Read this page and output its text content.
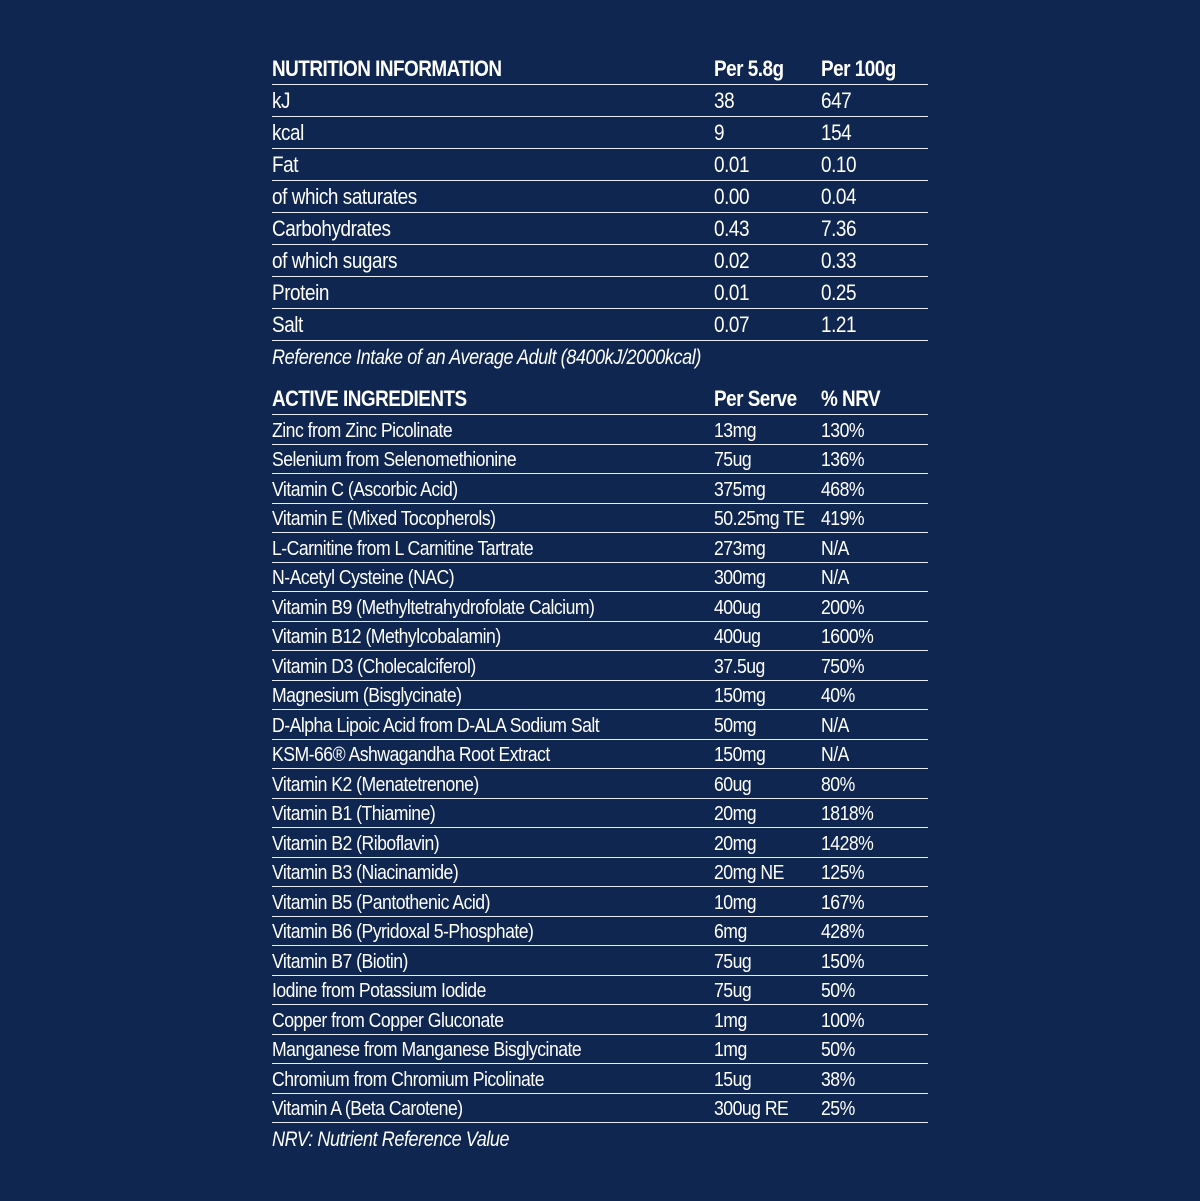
NUTRITION INFORMATION	Per 5.8g	Per 100g
kJ	38	647
kcal	9	154
Fat	0.01	0.10
of which saturates	0.00	0.04
Carbohydrates	0.43	7.36
of which sugars	0.02	0.33
Protein	0.01	0.25
Salt	0.07	1.21
Reference Intake of an Average Adult (8400kJ/2000kcal)
ACTIVE INGREDIENTS	Per Serve	% NRV
Zinc from Zinc Picolinate	13mg	130%
Selenium from Selenomethionine	75ug	136%
Vitamin C (Ascorbic Acid)	375mg	468%
Vitamin E (Mixed Tocopherols)	50.25mg TE 419%
L-Carnitine from L Carnitine Tartrate	273mg	N/A
N-Acetyl Cysteine (NAC)	300mg	N/A
Vitamin B9 (Methyltetrahydrofolate Calcium)	400ug	200%
Vitamin B12 (Methylcobalamin)	400ug	1600%
Vitamin D3 (Cholecalciferol)	37.5ug	750%
Magnesium (Bisglycinate)	150mg	40%
D-Alpha Lipoic Acid from D-ALA Sodium Salt	50mg	N/A
KSM-66® Ashwagandha Root Extract	150mg	N/A
Vitamin K2 (Menatetrenone)	60ug	80%
Vitamin B1 (Thiamine)	20mg	1818%
Vitamin B2 (Riboflavin)	20mg	1428%
Vitamin B3 (Niacinamide)	20mg NE	125%
Vitamin B5 (Pantothenic Acid)	10mg	167%
Vitamin B6 (Pyridoxal 5-Phosphate)	6mg	428%
Vitamin B7 (Biotin)	75ug	150%
Iodine from Potassium Iodide	75ug	50%
Copper from Copper Gluconate	1mg	100%
Manganese from Manganese Bisglycinate	1mg	50%
Chromium from Chromium Picolinate	15ug	38%
Vitamin A (Beta Carotene)	300ug RE	25%
NRV: Nutrient Reference Value
